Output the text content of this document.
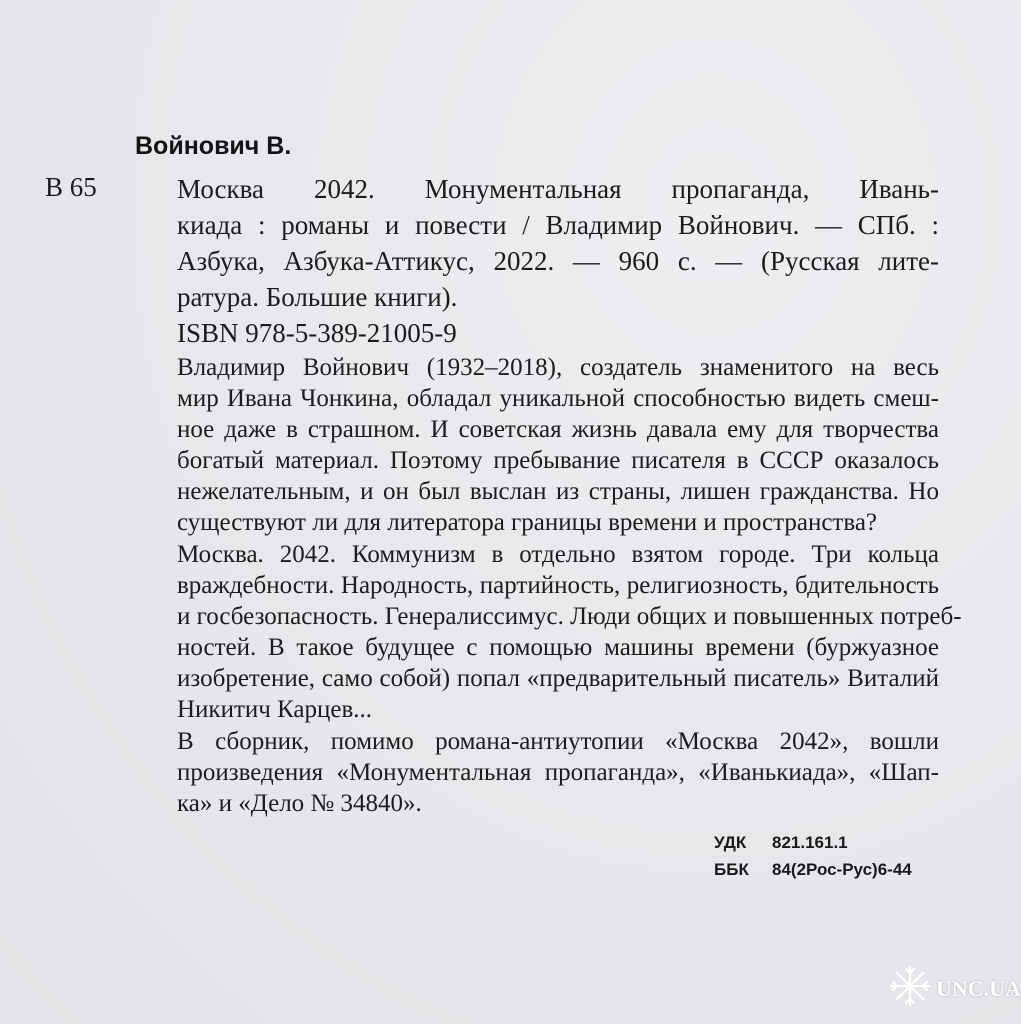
Войнович В.
В 65	Москва 2042. Монументальная пропаганда, Ивань-
киада : романы и повести / Владимир Войнович. — СПб. :
Азбука, Азбука-Аттикус, 2022. — 960 с. — (Русская лите-
ратура. Большие книги).
ISBN 978-5-389-21005-9
Владимир Войнович (1932–2018), создатель знаменитого на весь
мир Ивана Чонкина, обладал уникальной способностью видеть смеш-
ное даже в страшном. И советская жизнь давала ему для творчества
богатый материал. Поэтому пребывание писателя в СССР оказалось
нежелательным, и он был выслан из страны, лишен гражданства. Но
существуют ли для литератора границы времени и пространства?
Москва. 2042. Коммунизм в отдельно взятом городе. Три кольца
враждебности. Народность, партийность, религиозность, бдительность
и госбезопасность. Генералиссимус. Люди общих и повышенных потреб-
ностей. В такое будущее с помощью машины времени (буржуазное
изобретение, само собой) попал «предварительный писатель» Виталий
Никитич Карцев...
В сборник, помимо романа-антиутопии «Москва 2042», вошли
произведения «Монументальная пропаганда», «Иванькиада», «Шап-
ка» и «Дело № 34840».
УДК	821.161.1
ББК	84(2Рос-Рус)6-44
UNC.UA
